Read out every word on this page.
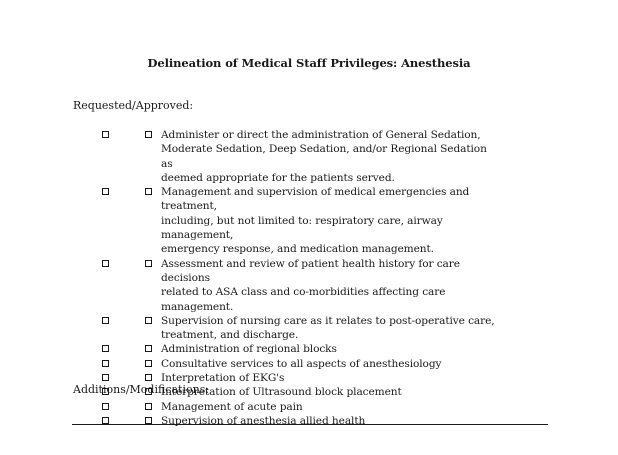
Delineation of Medical Staff Privileges: Anesthesia
Requested/Approved:
Administer or direct the administration of General Sedation,
Moderate Sedation, Deep Sedation, and/or Regional Sedation as
deemed appropriate for the patients served.
Management and supervision of medical emergencies and treatment,
including, but not limited to: respiratory care, airway management,
emergency response, and medication management.
Assessment and review of patient health history for care decisions
related to ASA class and co-morbidities affecting care management.
Supervision of nursing care as it relates to post-operative care,
treatment, and discharge.
Administration of regional blocks
Consultative services to all aspects of anesthesiology
Interpretation of EKG's
Interpretation of Ultrasound block placement
Management of acute pain
Supervision of anesthesia allied health
Additions/Modifications:
